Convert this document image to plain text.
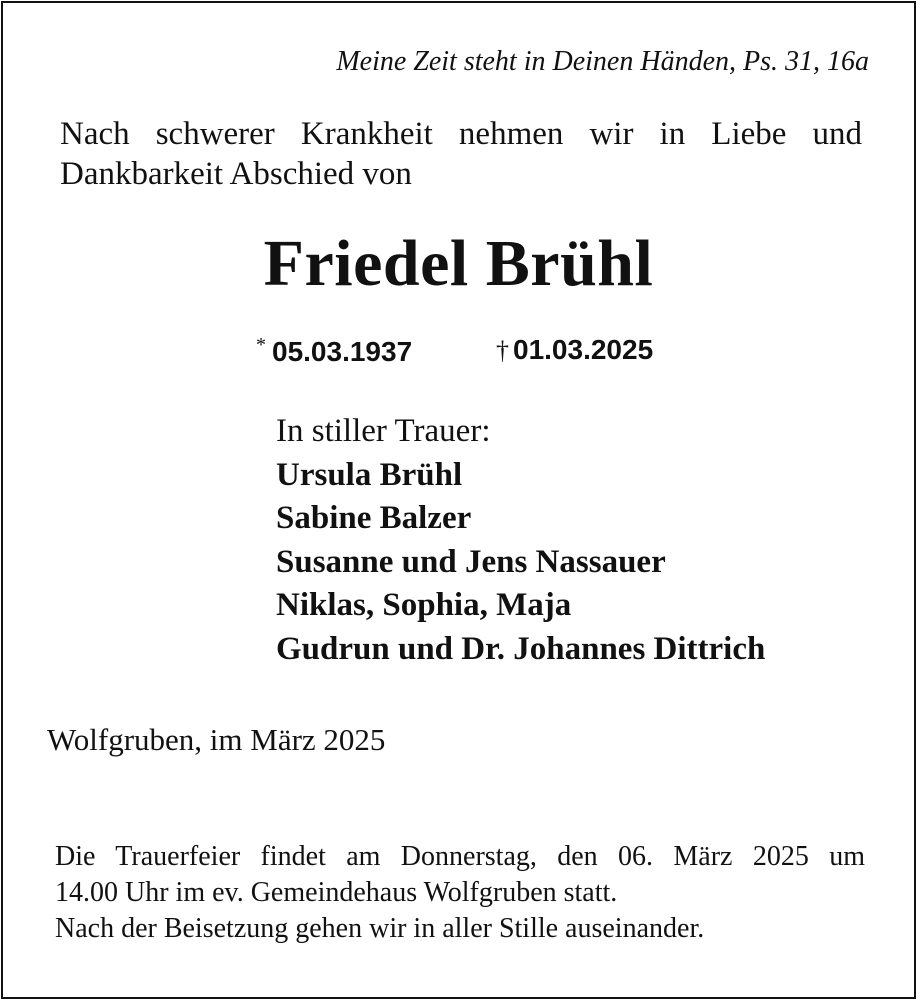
Meine Zeit steht in Deinen Händen, Ps. 31, 16a
Nach schwerer Krankheit nehmen wir in Liebe und
Dankbarkeit Abschied von
Friedel Brühl
* 05.03.1937	† 01.03.2025
In stiller Trauer:
Ursula Brühl
Sabine Balzer
Susanne und Jens Nassauer
Niklas, Sophia, Maja
Gudrun und Dr. Johannes Dittrich
Wolfgruben, im März 2025
Die Trauerfeier findet am Donnerstag, den 06. März 2025 um
14.00 Uhr im ev. Gemeindehaus Wolfgruben statt.
Nach der Beisetzung gehen wir in aller Stille auseinander.
